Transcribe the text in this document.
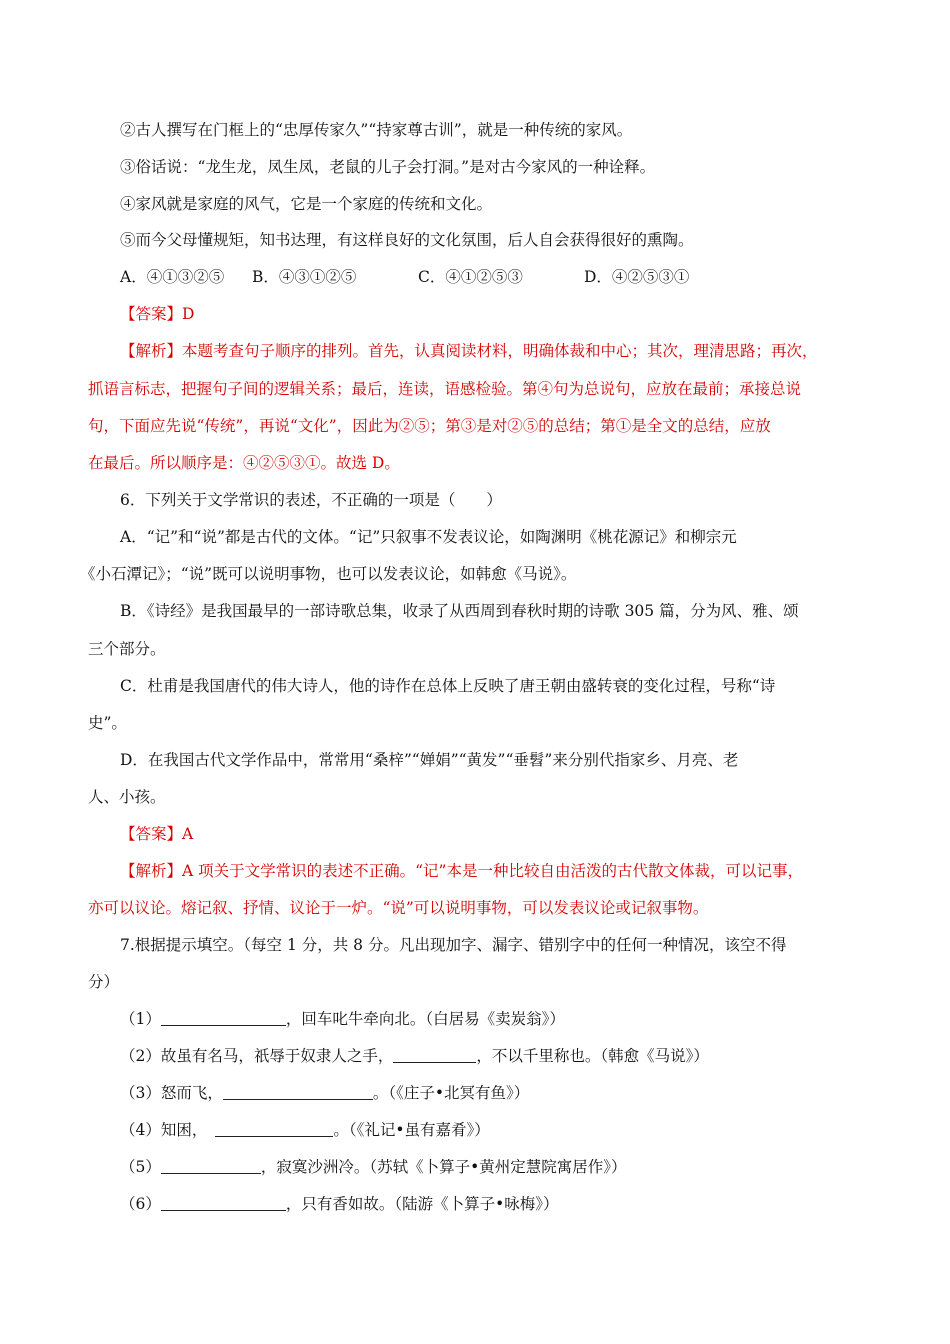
②古人撰写在门框上的“忠厚传家久”“持家尊古训”，就是一种传统的家风。
③俗话说：“龙生龙，凤生凤，老鼠的儿子会打洞。”是对古今家风的一种诠释。
④家风就是家庭的风气，它是一个家庭的传统和文化。
⑤而今父母懂规矩，知书达理，有这样良好的文化氛围，后人自会获得很好的熏陶。
A．④①③②⑤ B．④③①②⑤	C．④①②⑤③	D．④②⑤③①
【答案】D
【解析】本题考查句子顺序的排列。首先，认真阅读材料，明确体裁和中心；其次，理清思路；再次，
抓语言标志，把握句子间的逻辑关系；最后，连读，语感检验。第④句为总说句，应放在最前；承接总说
句，下面应先说“传统”，再说“文化”，因此为②⑤；第③是对②⑤的总结；第①是全文的总结，应放
在最后。所以顺序是：④②⑤③①。故选 D。
6．下列关于文学常识的表述，不正确的一项是（　　）
A．“记”和“说”都是古代的文体。“记”只叙事不发表议论，如陶渊明《桃花源记》和柳宗元
《小石潭记》；“说”既可以说明事物，也可以发表议论，如韩愈《马说》。
B．《诗经》是我国最早的一部诗歌总集，收录了从西周到春秋时期的诗歌 305 篇，分为风、雅、颂
三个部分。
C．杜甫是我国唐代的伟大诗人，他的诗作在总体上反映了唐王朝由盛转衰的变化过程，号称“诗
史”。
D．在我国古代文学作品中，常常用“桑梓”“婵娟”“黄发”“垂髫”来分别代指家乡、月亮、老
人、小孩。
【答案】A
【解析】A 项关于文学常识的表述不正确。“记”本是一种比较自由活泼的古代散文体裁，可以记事，
亦可以议论。熔记叙、抒情、议论于一炉。“说”可以说明事物，可以发表议论或记叙事物。
7.根据提示填空。（每空 1 分，共 8 分。凡出现加字、漏字、错别字中的任何一种情况，该空不得
分）
（1）	，回车叱牛牵向北。（白居易《卖炭翁》）
（2）故虽有名马，祇辱于奴隶人之手，	，不以千里称也。（韩愈《马说》）
（3）怒而飞，	。（《庄子•北冥有鱼》）
（4）知困，	。（《礼记•虽有嘉肴》）
（5）	，寂寞沙洲冷。（苏轼《卜算子•黄州定慧院寓居作》）
（6）	，只有香如故。（陆游《卜算子•咏梅》）
